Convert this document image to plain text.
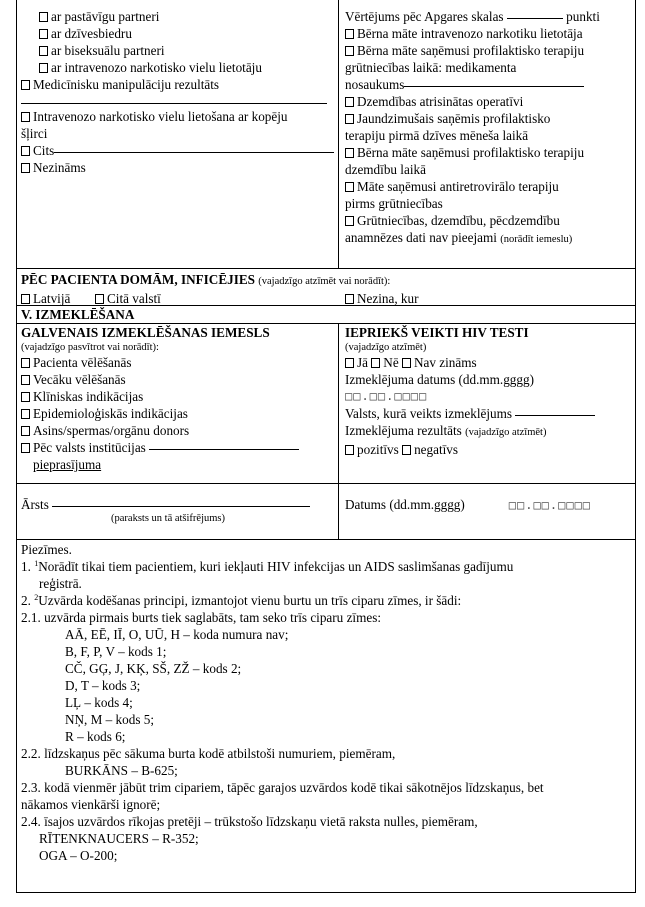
ar pastāvīgu partneri
ar dzīvesbiedru
ar biseksuālu partneri
ar intravenozo narkotisko vielu lietotāju
Medicīnisku manipulāciju rezultāts
Intravenozo narkotisko vielu lietošana ar kopēju
šļirci
Cits
Nezināms
Vērtējums pēc Apgares skalas	punkti
Bērna māte intravenozo narkotiku lietotāja
Bērna māte saņēmusi profilaktisko terapiju
grūtniecības laikā: medikamenta
nosaukums
Dzemdības atrisinātas operatīvi
Jaundzimušais saņēmis profilaktisko
terapiju pirmā dzīves mēneša laikā
Bērna māte saņēmusi profilaktisko terapiju
dzemdību laikā
Māte saņēmusi antiretrovirālo terapiju
pirms grūtniecības
Grūtniecības, dzemdību, pēcdzemdību
anamnēzes dati nav pieejami (norādīt iemeslu)
PĒC PACIENTA DOMĀM, INFICĒJIES (vajadzīgo atzīmēt vai norādīt):
Latvijā	Citā valstī	Nezina, kur
V. IZMEKLĒŠANA
GALVENAIS IZMEKLĒŠANAS IEMESLS
(vajadzīgo pasvītrot vai norādīt):
Pacienta vēlēšanās
Vecāku vēlēšanās
Klīniskas indikācijas
Epidemioloģiskās indikācijas
Asins/spermas/orgānu donors
Pēc valsts institūcijas
pieprasījuma
IEPRIEKŠ VEIKTI HIV TESTI
(vajadzīgo atzīmēt)
Jā Nē Nav zināms
Izmeklējuma datums (dd.mm.gggg)
□□.□□.□□□□
Valsts, kurā veikts izmeklējums
Izmeklējuma rezultāts (vajadzīgo atzīmēt)
pozitīvs negatīvs
Ārsts
(paraksts un tā atšifrējums)
Datums (dd.mm.gggg)	□□.□□.□□□□
Piezīmes.
1. $^1$Norādīt tikai tiem pacientiem, kuri iekļauti HIV infekcijas un AIDS saslimšanas gadījumu
reģistrā.
2. $^2$Uzvārda kodēšanas principi, izmantojot vienu burtu un trīs ciparu zīmes, ir šādi:
2.1. uzvārda pirmais burts tiek saglabāts, tam seko trīs ciparu zīmes:
AĀ, EĒ, IĪ, O, UŪ, H – koda numura nav;
B, F, P, V – kods 1;
CČ, GĢ, J, KĶ, SŠ, ZŽ – kods 2;
D, T – kods 3;
LĻ – kods 4;
NŅ, M – kods 5;
R – kods 6;
2.2. līdzskaņus pēc sākuma burta kodē atbilstoši numuriem, piemēram,
BURKĀNS – B-625;
2.3. kodā vienmēr jābūt trim cipariem, tāpēc garajos uzvārdos kodē tikai sākotnējos līdzskaņus, bet
nākamos vienkārši ignorē;
2.4. īsajos uzvārdos rīkojas pretēji – trūkstošo līdzskaņu vietā raksta nulles, piemēram,
RĪTENKNAUCERS – R-352;
OGA – O-200;
